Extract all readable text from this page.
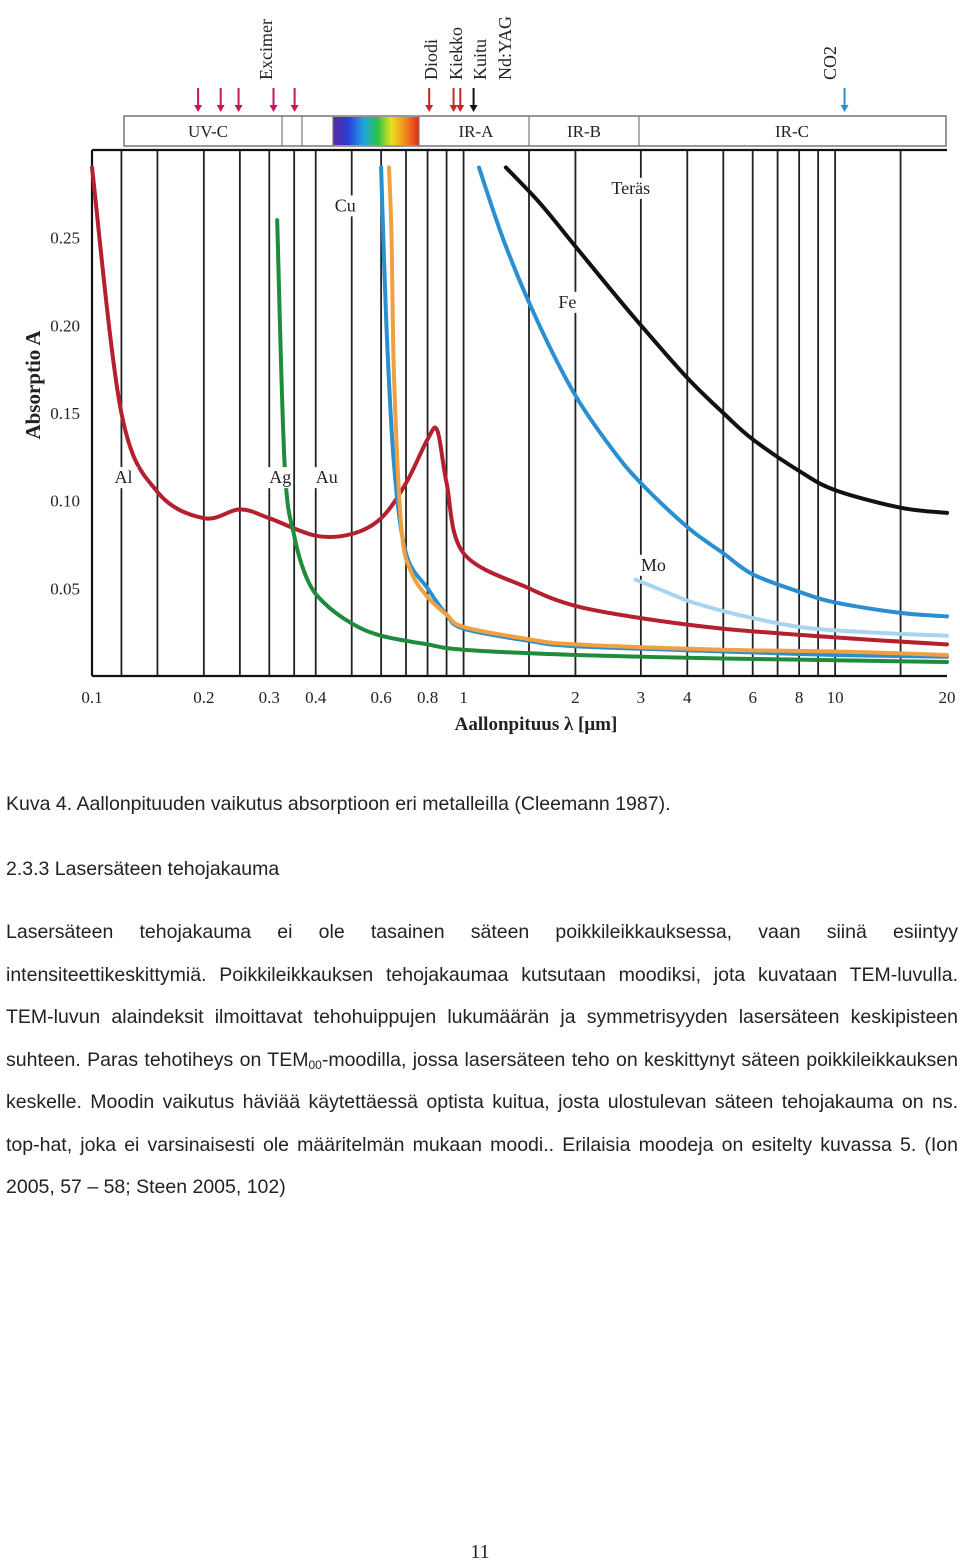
UV-C	IR-A	IR-B	IR-C
Excimer	Diodi Kiekko Kuitu Nd:YAG	CO2
0.05
0.10
0.15
0.20
0.25
0.1	0.2	0.3 0.4	0.6 0.8 1	2	3 4	6 8 10	20
Al	Ag Au
Cu
Fe
Teräs
Mo
Absorptio A
Aallonpituus λ [μm]
Kuva 4. Aallonpituuden vaikutus absorptioon eri metalleilla (Cleemann 1987).
2.3.3 Lasersäteen tehojakauma
Lasersäteen tehojakauma ei ole tasainen säteen poikkileikkauksessa, vaan siinä esiintyy intensiteettikeskittymiä. Poikkileikkauksen tehojakaumaa kutsutaan moodiksi, jota kuvataan TEM-luvulla. TEM-luvun alaindeksit ilmoittavat tehohuippujen lukumäärän ja symmetrisyyden lasersäteen keskipisteen suhteen. Paras tehotiheys on $TEM_{00}$-moodilla, jossa lasersäteen teho on keskittynyt säteen poikkileikkauksen keskelle. Moodin vaikutus häviää käytettäessä optista kuitua, josta ulostulevan säteen tehojakauma on ns. top-hat, joka ei varsinaisesti ole määritelmän mukaan moodi.. Erilaisia moodeja on esitelty kuvassa 5. (Ion 2005, 57 – 58; Steen 2005, 102)
11
